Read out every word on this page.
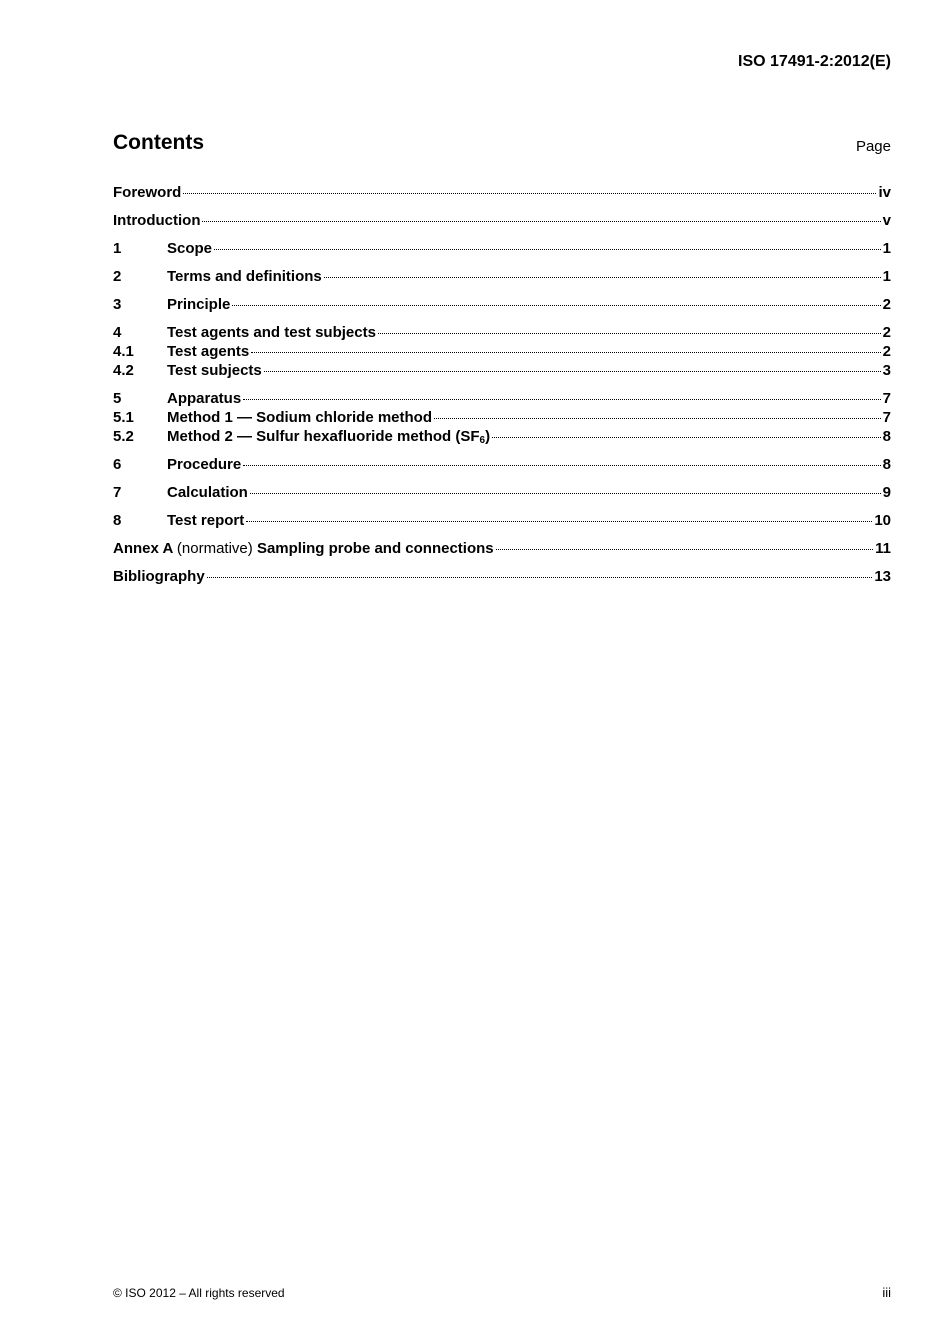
ISO 17491-2:2012(E)
Contents	Page
Foreword	iv
Introduction	v
1	Scope	1
2	Terms and definitions	1
3	Principle	2
4	Test agents and test subjects	2
4.1	Test agents	2
4.2	Test subjects	3
5	Apparatus	7
5.1	Method 1 — Sodium chloride method	7
5.2	Method 2 — Sulfur hexafluoride method $(SF_6)$	8
6	Procedure	8
7	Calculation	9
8	Test report	10
Annex A (normative) Sampling probe and connections	11
Bibliography	13
© ISO 2012 – All rights reserved	iii
